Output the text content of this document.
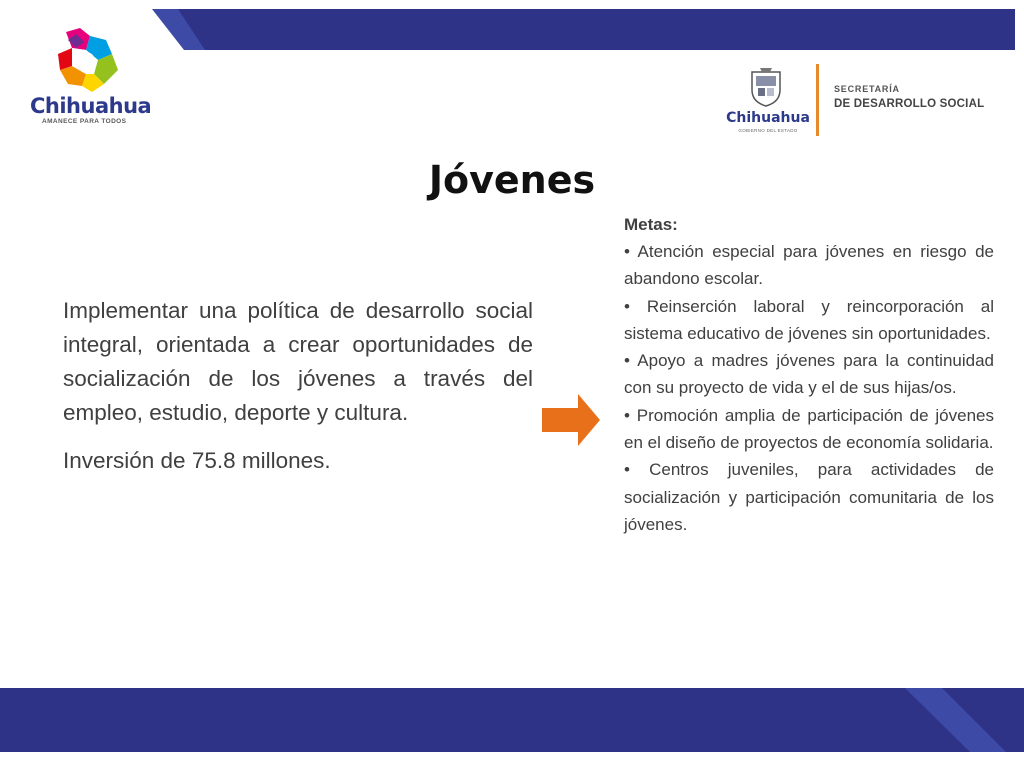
Chihuahua
AMANECE PARA TODOS	Chihuahua
GOBIERNO DEL ESTADO
SECRETARÍA
DE DESARROLLO SOCIAL
Jóvenes

Implementar una política de desarrollo social integral, orientada a crear oportunidades de socialización de los jóvenes a través del empleo, estudio, deporte y cultura.

Inversión de 75.8 millones.

Metas:
• Atención especial para jóvenes en riesgo de abandono escolar.
• Reinserción laboral y reincorporación al sistema educativo de jóvenes sin oportunidades.
• Apoyo a madres jóvenes para la continuidad con su proyecto de vida y el de sus hijas/os.
• Promoción amplia de participación de jóvenes en el diseño de proyectos de economía solidaria.
• Centros juveniles, para actividades de socialización y participación comunitaria de los jóvenes.
